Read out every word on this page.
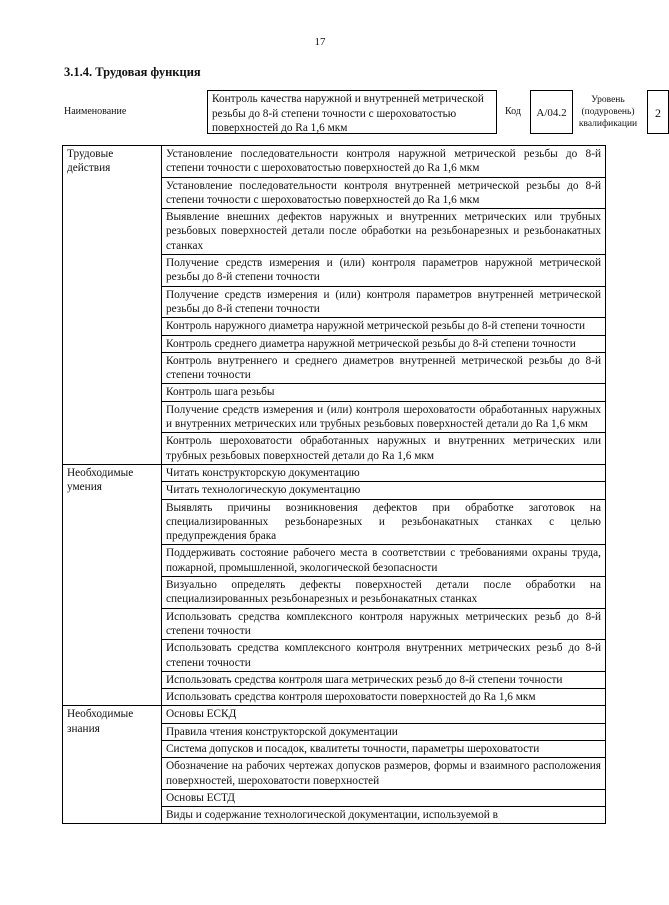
17
3.1.4. Трудовая функция
Наименование
Контроль качества наружной и внутренней метрической резьбы до 8-й степени точности с шероховатостью поверхностей до Ra 1,6 мкм
Код	A/04.2
Уровень (подуровень) квалификации
2
Трудовые действия	Установление последовательности контроля наружной метрической резьбы до 8-й степени точности с шероховатостью поверхностей до Ra 1,6 мкм
	Установление последовательности контроля внутренней метрической резьбы до 8-й степени точности с шероховатостью поверхностей до Ra 1,6 мкм
	Выявление внешних дефектов наружных и внутренних метрических или трубных резьбовых поверхностей детали после обработки на резьбонарезных и резьбонакатных станках
	Получение средств измерения и (или) контроля параметров наружной метрической резьбы до 8-й степени точности
	Получение средств измерения и (или) контроля параметров внутренней метрической резьбы до 8-й степени точности
	Контроль наружного диаметра наружной метрической резьбы до 8-й степени точности
	Контроль среднего диаметра наружной метрической резьбы до 8-й степени точности
	Контроль внутреннего и среднего диаметров внутренней метрической резьбы до 8-й степени точности
	Контроль шага резьбы
	Получение средств измерения и (или) контроля шероховатости обработанных наружных и внутренних метрических или трубных резьбовых поверхностей детали до Ra 1,6 мкм
	Контроль шероховатости обработанных наружных и внутренних метрических или трубных резьбовых поверхностей детали до Ra 1,6 мкм
Необходимые умения	Читать конструкторскую документацию
	Читать технологическую документацию
	Выявлять причины возникновения дефектов при обработке заготовок на специализированных резьбонарезных и резьбонакатных станках с целью предупреждения брака
	Поддерживать состояние рабочего места в соответствии с требованиями охраны труда, пожарной, промышленной, экологической безопасности
	Визуально определять дефекты поверхностей детали после обработки на специализированных резьбонарезных и резьбонакатных станках
	Использовать средства комплексного контроля наружных метрических резьб до 8-й степени точности
	Использовать средства комплексного контроля внутренних метрических резьб до 8-й степени точности
	Использовать средства контроля шага метрических резьб до 8-й степени точности
	Использовать средства контроля шероховатости поверхностей до Ra 1,6 мкм
Необходимые знания	Основы ЕСКД
	Правила чтения конструкторской документации
	Система допусков и посадок, квалитеты точности, параметры шероховатости
	Обозначение на рабочих чертежах допусков размеров, формы и взаимного расположения поверхностей, шероховатости поверхностей
	Основы ЕСТД
	Виды и содержание технологической документации, используемой в
